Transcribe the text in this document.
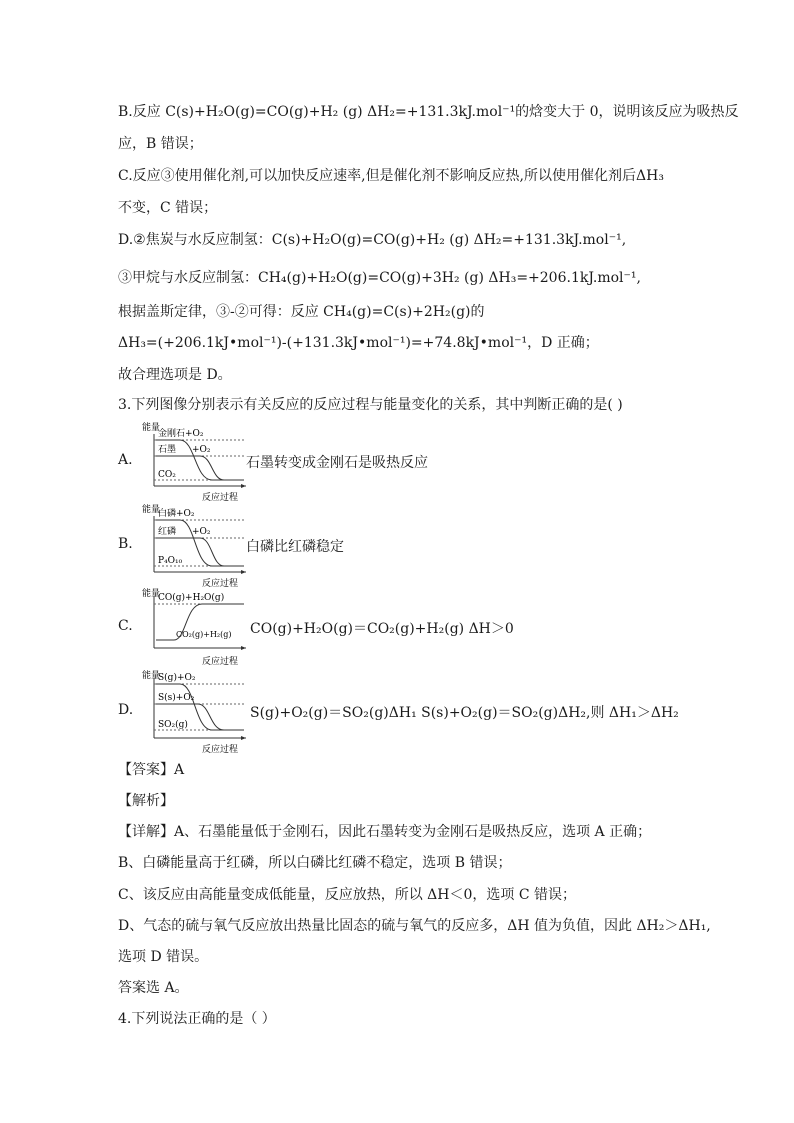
B.反应 C(s)+H₂O(g)=CO(g)+H₂ (g) ΔH₂=+131.3kJ.mol⁻¹的焓变大于 0，说明该反应为吸热反
应，B 错误；
C.反应③使用催化剂,可以加快反应速率,但是催化剂不影响反应热,所以使用催化剂后ΔH₃
不变，C 错误；
D.②焦炭与水反应制氢：C(s)+H₂O(g)=CO(g)+H₂ (g) ΔH₂=+131.3kJ.mol⁻¹,
③甲烷与水反应制氢：CH₄(g)+H₂O(g)=CO(g)+3H₂ (g) ΔH₃=+206.1kJ.mol⁻¹,
根据盖斯定律，③-②可得：反应 CH₄(g)=C(s)+2H₂(g)的
ΔH₃=(+206.1kJ•mol⁻¹)-(+131.3kJ•mol⁻¹)=+74.8kJ•mol⁻¹，D 正确；
故合理选项是 D。
3.下列图像分别表示有关反应的反应过程与能量变化的关系，其中判断正确的是( )
A.
能量
金刚石+O₂
石墨 +O₂
CO₂
反应过程
石墨转变成金刚石是吸热反应
B.
能量
白磷+O₂
红磷 +O₂
P₄O₁₀
反应过程
白磷比红磷稳定
C.
能量
CO(g)+H₂O(g)
CO₂(g)+H₂(g)
反应过程
CO(g)+H₂O(g)＝CO₂(g)+H₂(g) ΔH＞0
D.
能量
S(g)+O₂
S(s)+O₂
SO₂(g)
反应过程
S(g)+O₂(g)＝SO₂(g)ΔH₁ S(s)+O₂(g)＝SO₂(g)ΔH₂,则 ΔH₁＞ΔH₂
【答案】A
【解析】
【详解】A、石墨能量低于金刚石，因此石墨转变为金刚石是吸热反应，选项 A 正确；
B、白磷能量高于红磷，所以白磷比红磷不稳定，选项 B 错误；
C、该反应由高能量变成低能量，反应放热，所以 ΔH＜0，选项 C 错误；
D、气态的硫与氧气反应放出热量比固态的硫与氧气的反应多，ΔH 值为负值，因此 ΔH₂＞ΔH₁,
选项 D 错误。
答案选 A。
4.下列说法正确的是（ ）
